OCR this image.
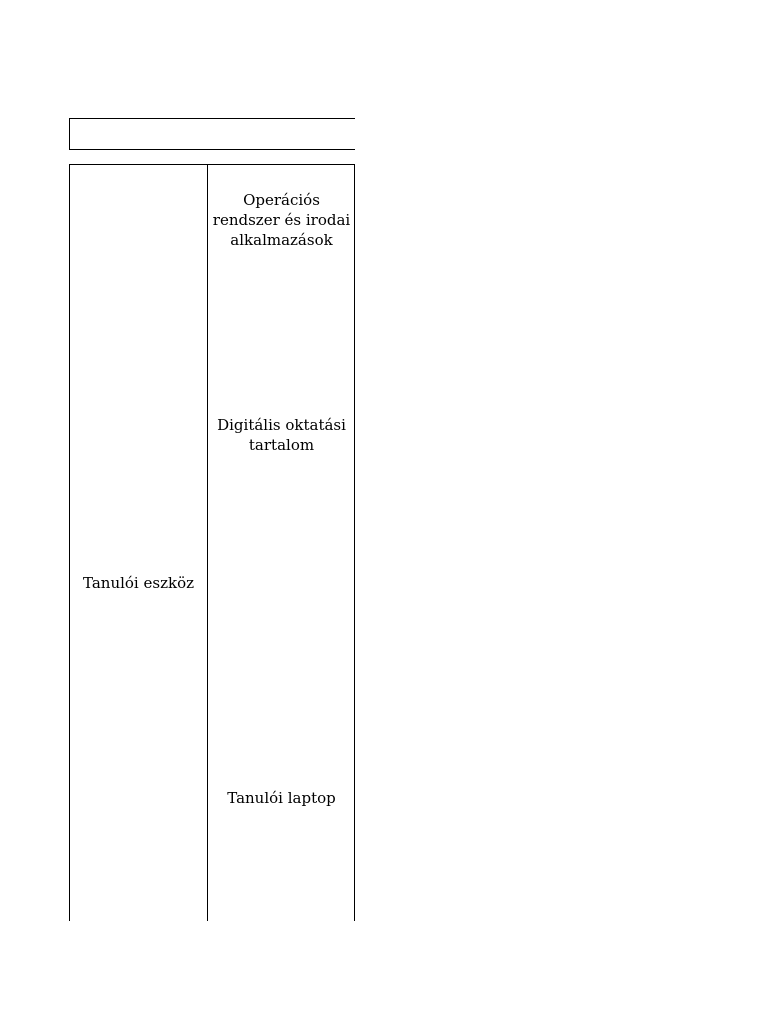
Tanulói eszköz
Operációs
rendszer és irodai
alkalmazások
Digitális oktatási
tartalom
Tanulói laptop
